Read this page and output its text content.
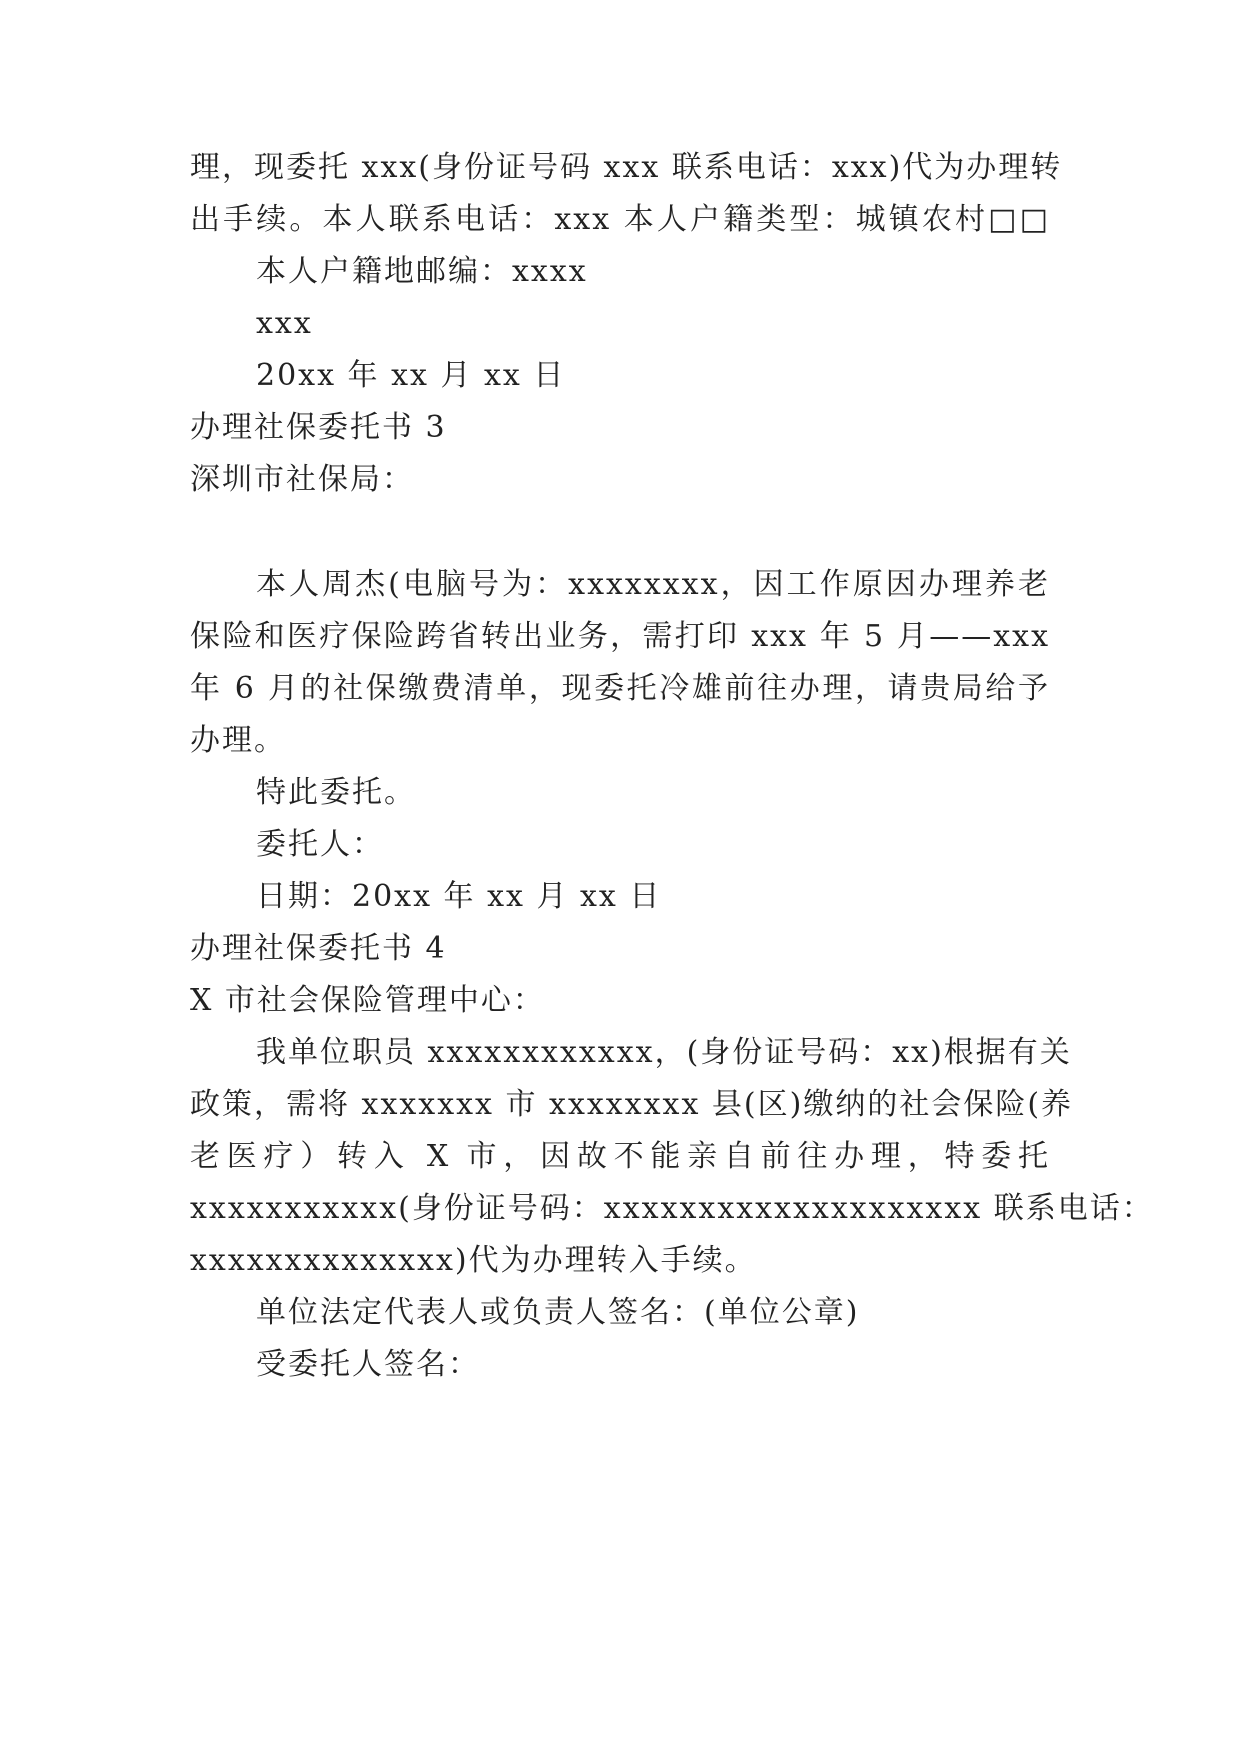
理，现委托 xxx(身份证号码 xxx 联系电话：xxx)代为办理转
出手续。本人联系电话：xxx 本人户籍类型：城镇农村□□
本人户籍地邮编：xxxx
xxx
20xx 年 xx 月 xx 日
办理社保委托书 3
深圳市社保局：
本人周杰(电脑号为：xxxxxxxx，因工作原因办理养老
保险和医疗保险跨省转出业务，需打印 xxx 年 5 月——xxx
年 6 月的社保缴费清单，现委托冷雄前往办理，请贵局给予
办理。
特此委托。
委托人：
日期：20xx 年 xx 月 xx 日
办理社保委托书 4
X 市社会保险管理中心：
我单位职员 xxxxxxxxxxxx，(身份证号码：xx)根据有关
政策，需将 xxxxxxx 市 xxxxxxxx 县(区)缴纳的社会保险(养
老医疗）转入 X 市，因故不能亲自前往办理，特委托
xxxxxxxxxxx(身份证号码：xxxxxxxxxxxxxxxxxxxx 联系电话：
xxxxxxxxxxxxxx)代为办理转入手续。
单位法定代表人或负责人签名：(单位公章)
受委托人签名：
